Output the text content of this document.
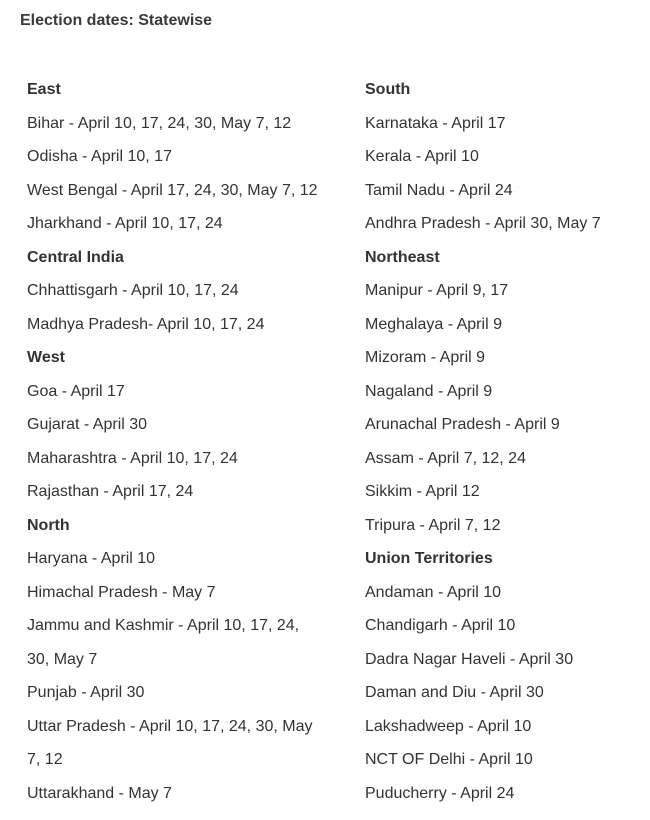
Election dates: Statewise
East
Bihar - April 10, 17, 24, 30, May 7, 12
Odisha - April 10, 17
West Bengal - April 17, 24, 30, May 7, 12
Jharkhand - April 10, 17, 24
Central India
Chhattisgarh - April 10, 17, 24
Madhya Pradesh- April 10, 17, 24
West
Goa - April 17
Gujarat - April 30
Maharashtra - April 10, 17, 24
Rajasthan - April 17, 24
North
Haryana - April 10
Himachal Pradesh - May 7
Jammu and Kashmir - April 10, 17, 24,
30, May 7
Punjab - April 30
Uttar Pradesh - April 10, 17, 24, 30, May
7, 12
Uttarakhand - May 7
South
Karnataka - April 17
Kerala - April 10
Tamil Nadu - April 24
Andhra Pradesh - April 30, May 7
Northeast
Manipur - April 9, 17
Meghalaya - April 9
Mizoram - April 9
Nagaland - April 9
Arunachal Pradesh - April 9
Assam - April 7, 12, 24
Sikkim - April 12
Tripura - April 7, 12
Union Territories
Andaman - April 10
Chandigarh - April 10
Dadra Nagar Haveli - April 30
Daman and Diu - April 30
Lakshadweep - April 10
NCT OF Delhi - April 10
Puducherry - April 24
